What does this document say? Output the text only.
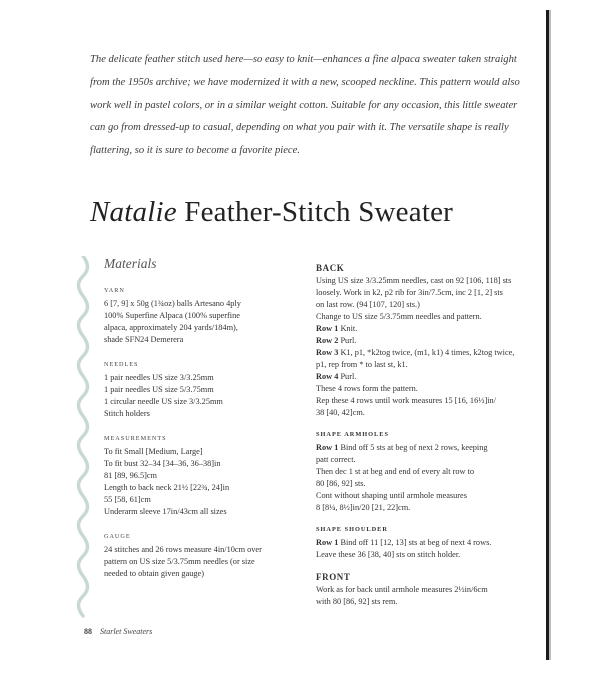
The delicate feather stitch used here—so easy to knit—enhances a fine alpaca sweater taken straight from the 1950s archive; we have modernized it with a new, scooped neckline. This pattern would also work well in pastel colors, or in a similar weight cotton. Suitable for any occasion, this little sweater can go from dressed-up to casual, depending on what you pair with it. The versatile shape is really flattering, so it is sure to become a favorite piece.

Natalie Feather-Stitch Sweater
Materials
YARN
6 [7, 9] x 50g (1¾oz) balls Artesano 4ply
100% Superfine Alpaca (100% superfine
alpaca, approximately 204 yards/184m),
shade SFN24 Demerera
NEEDLES
1 pair needles US size 3/3.25mm
1 pair needles US size 5/3.75mm
1 circular needle US size 3/3.25mm
Stitch holders
MEASUREMENTS
To fit Small [Medium, Large]
To fit bust 32–34 [34–36, 36–38]in
81 [89, 96.5]cm
Length to back neck 21½ [22¾, 24]in
55 [58, 61]cm
Underarm sleeve 17in/43cm all sizes
GAUGE
24 stitches and 26 rows measure 4in/10cm over
pattern on US size 5/3.75mm needles (or size
needed to obtain given gauge)
BACK
Using US size 3/3.25mm needles, cast on 92 [106, 118] sts
loosely. Work in k2, p2 rib for 3in/7.5cm, inc 2 [1, 2] sts
on last row. (94 [107, 120] sts.)
Change to US size 5/3.75mm needles and pattern.
Row 1 Knit.
Row 2 Purl.
Row 3 K1, p1, *k2tog twice, (m1, k1) 4 times, k2tog twice,
p1, rep from * to last st, k1.
Row 4 Purl.
These 4 rows form the pattern.
Rep these 4 rows until work measures 15 [16, 16½]in/
38 [40, 42]cm.
SHAPE ARMHOLES
Row 1 Bind off 5 sts at beg of next 2 rows, keeping
patt correct.
Then dec 1 st at beg and end of every alt row to
80 [86, 92] sts.
Cont without shaping until armhole measures
8 [8¼, 8½]in/20 [21, 22]cm.
SHAPE SHOULDER
Row 1 Bind off 11 [12, 13] sts at beg of next 4 rows.
Leave these 36 [38, 40] sts on stitch holder.
FRONT
Work as for back until armhole measures 2½in/6cm
with 80 [86, 92] sts rem.
88 Starlet Sweaters
